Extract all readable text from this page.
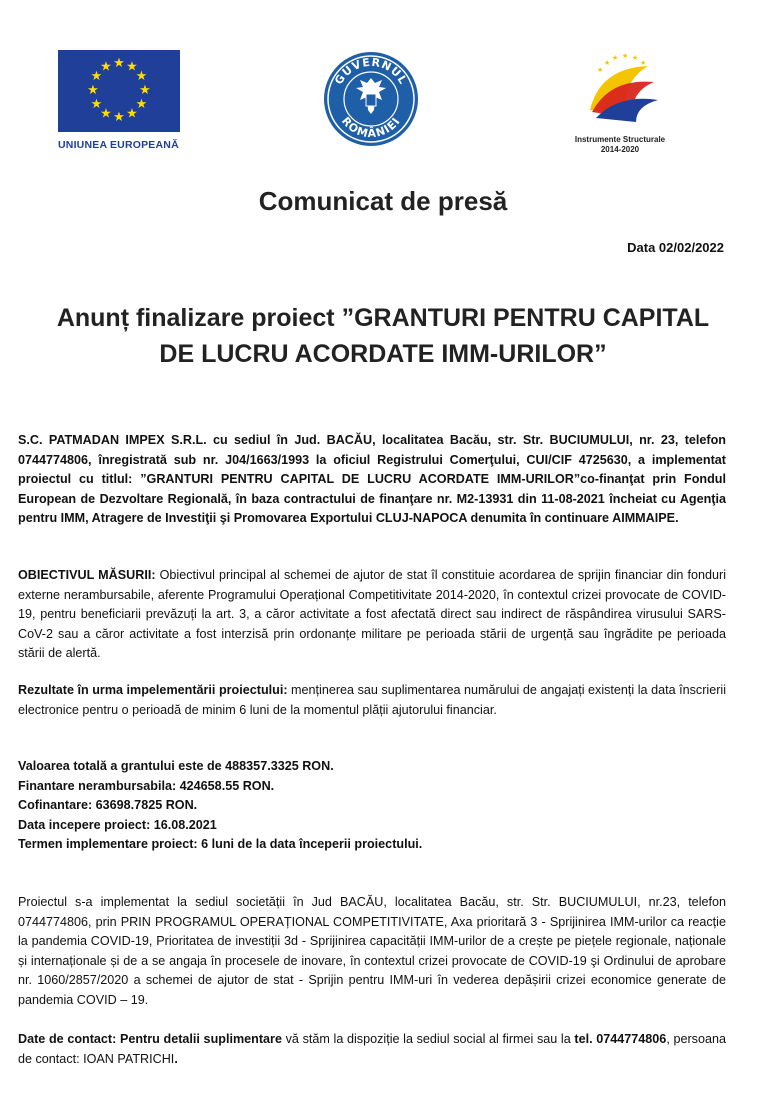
★ ★
★
★
★
★
★
★
★
★
★
★
UNIUNEA EUROPEANĂ
GUVERNUL
ROMÂNIEI
★ ★
★
★
★
★
Instrumente Structurale
2014-2020
Comunicat de presă
Data 02/02/2022
Anunț finalizare proiect ”GRANTURI PENTRU CAPITAL
DE LUCRU ACORDATE IMM-URILOR”

S.C. PATMADAN IMPEX S.R.L. cu sediul în Jud. BACĂU, localitatea Bacău, str. Str. BUCIUMULUI, nr. 23, telefon 0744774806, înregistrată sub nr. J04/1663/1993 la oficiul Registrului Comerţului, CUI/CIF 4725630, a implementat proiectul cu titlul: ”GRANTURI PENTRU CAPITAL DE LUCRU ACORDATE IMM-URILOR”co-finanţat prin Fondul European de Dezvoltare Regională, în baza contractului de finanţare nr. M2-13931 din 11-08-2021 încheiat cu Agenţia pentru IMM, Atragere de Investiţii şi Promovarea Exportului CLUJ-NAPOCA denumita în continuare AIMMAIPE.

OBIECTIVUL MĂSURII: Obiectivul principal al schemei de ajutor de stat îl constituie acordarea de sprijin financiar din fonduri externe nerambursabile, aferente Programului Operațional Competitivitate 2014-2020, în contextul crizei provocate de COVID-19, pentru beneficiarii prevăzuți la art. 3, a căror activitate a fost afectată direct sau indirect de răspândirea virusului SARS-CoV-2 sau a căror activitate a fost interzisă prin ordonanțe militare pe perioada stării de urgență sau îngrădite pe perioada stării de alertă.

Rezultate în urma impelementării proiectului: menținerea sau suplimentarea numărului de angajați existenți la data înscrierii electronice pentru o perioadă de minim 6 luni de la momentul plății ajutorului financiar.

Valoarea totală a grantului este de 488357.3325 RON.
Finantare nerambursabila: 424658.55 RON.
Cofinantare: 63698.7825 RON.
Data incepere proiect: 16.08.2021
Termen implementare proiect: 6 luni de la data începerii proiectului.

Proiectul s-a implementat la sediul societății în Jud BACĂU, localitatea Bacău, str. Str. BUCIUMULUI, nr.23, telefon 0744774806, prin PRIN PROGRAMUL OPERAȚIONAL COMPETITIVITATE, Axa prioritară 3 - Sprijinirea IMM-urilor ca reacție la pandemia COVID-19, Prioritatea de investiții 3d - Sprijinirea capacității IMM-urilor de a crește pe piețele regionale, naționale și internaționale și de a se angaja în procesele de inovare, în contextul crizei provocate de COVID-19 şi Ordinului de aprobare nr. 1060/2857/2020 a schemei de ajutor de stat - Sprijin pentru IMM-uri în vederea depășirii crizei economice generate de pandemia COVID – 19.

Date de contact: Pentru detalii suplimentare vă stăm la dispoziție la sediul social al firmei sau la tel. 0744774806, persoana de contact: IOAN PATRICHI.
